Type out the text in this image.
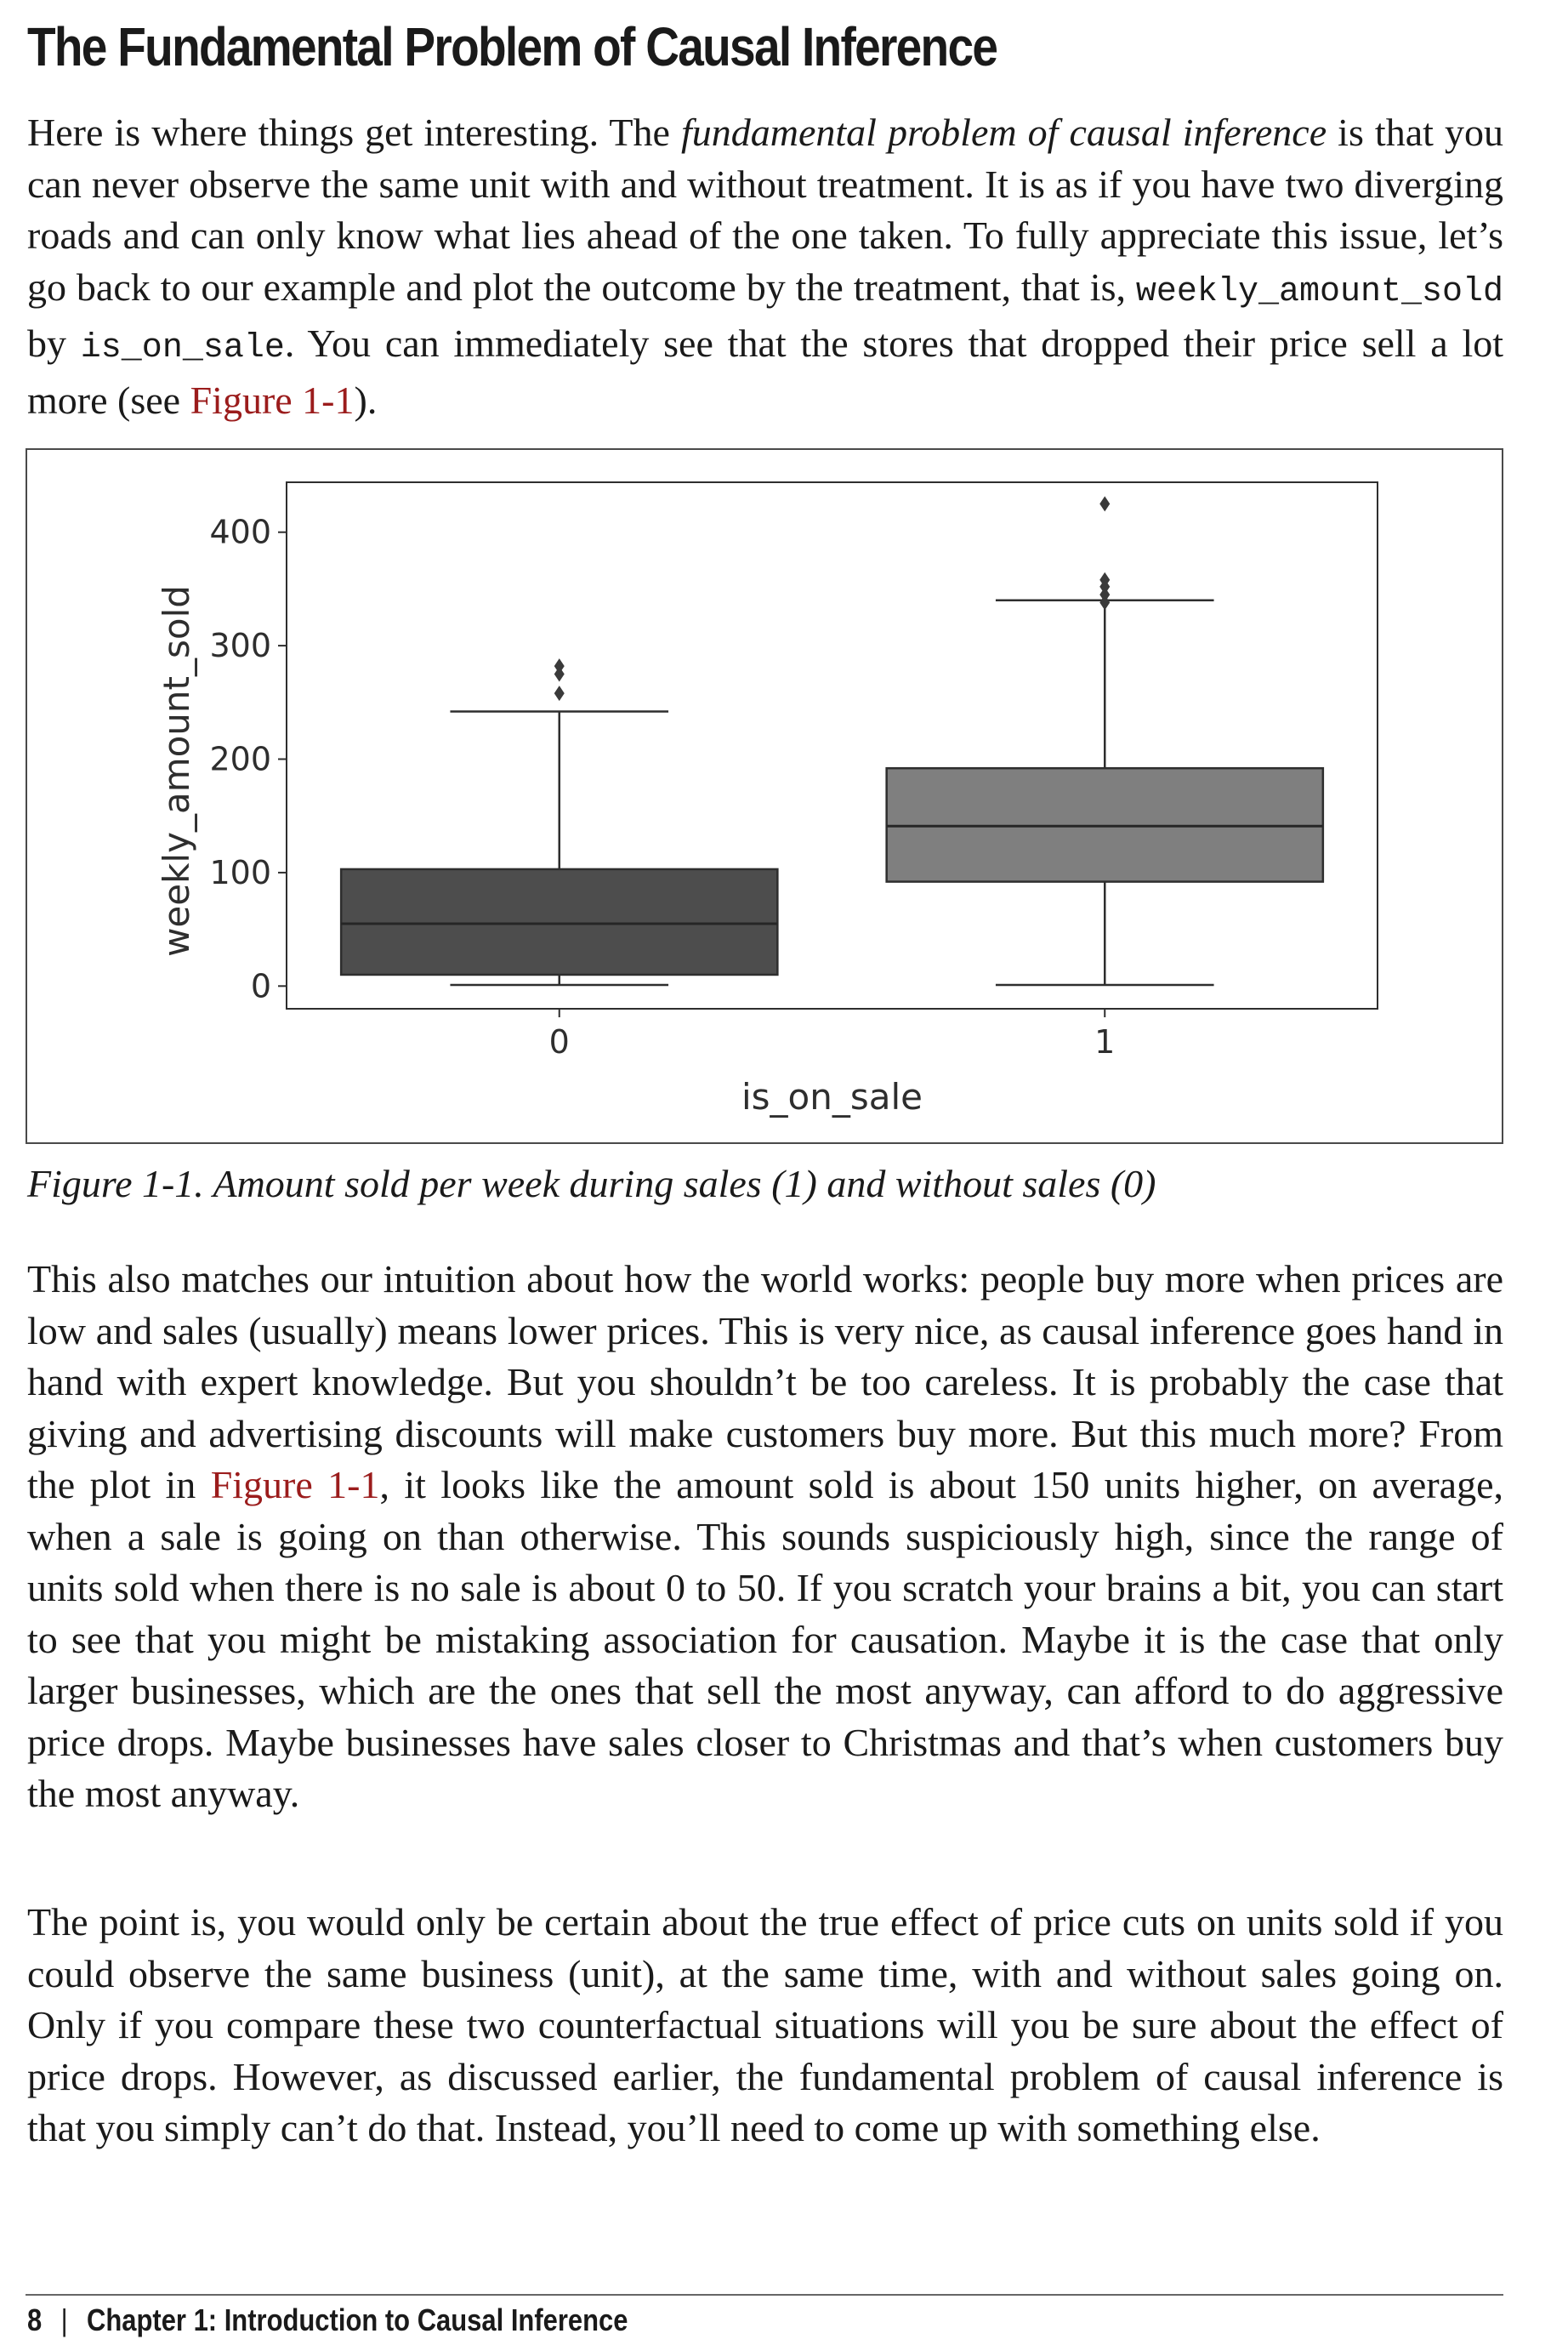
The Fundamental Problem of Causal Inference

Here is where things get interesting. The fundamental problem of causal inference is that you can never observe the same unit with and without treatment. It is as if you have two diverging roads and can only know what lies ahead of the one taken. To fully appreciate this issue, let’s go back to our example and plot the outcome by the treatment, that is, weekly_amount_sold by is_on_sale. You can immediately see that the stores that dropped their price sell a lot more (see Figure 1-1).

0
100
200
300
400
0	1
is_on_sale
weekly_amount_sold

Figure 1-1. Amount sold per week during sales (1) and without sales (0)

This also matches our intuition about how the world works: people buy more when prices are low and sales (usually) means lower prices. This is very nice, as causal inference goes hand in hand with expert knowledge. But you shouldn’t be too careless. It is probably the case that giving and advertising discounts will make customers buy more. But this much more? From the plot in Figure 1-1, it looks like the amount sold is about 150 units higher, on average, when a sale is going on than otherwise. This sounds suspiciously high, since the range of units sold when there is no sale is about 0 to 50. If you scratch your brains a bit, you can start to see that you might be mistaking association for causation. Maybe it is the case that only larger businesses, which are the ones that sell the most anyway, can afford to do aggressive price drops. Maybe businesses have sales closer to Christmas and that’s when customers buy the most anyway.

The point is, you would only be certain about the true effect of price cuts on units sold if you could observe the same business (unit), at the same time, with and without sales going on. Only if you compare these two counterfactual situations will you be sure about the effect of price drops. However, as discussed earlier, the fundamental problem of causal inference is that you simply can’t do that. Instead, you’ll need to come up with something else.

8 | Chapter 1: Introduction to Causal Inference
